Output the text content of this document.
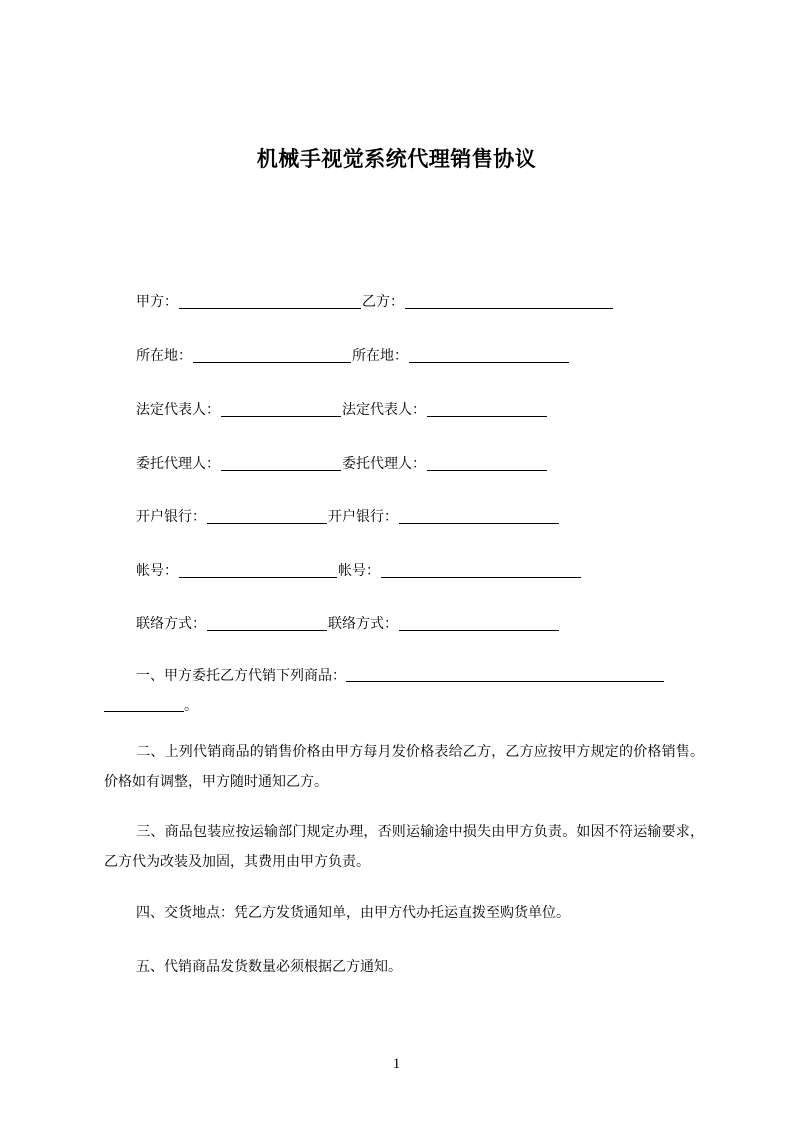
机械手视觉系统代理销售协议
甲方：	乙方：
所在地：	所在地：
法定代表人：	法定代表人：
委托代理人：	委托代理人：
开户银行：	开户银行：
帐号：	帐号：
联络方式：	联络方式：
一、甲方委托乙方代销下列商品：
。
二、上列代销商品的销售价格由甲方每月发价格表给乙方，乙方应按甲方规定的价格销售。价格如有调整，甲方随时通知乙方。
三、商品包装应按运输部门规定办理，否则运输途中损失由甲方负责。如因不符运输要求，乙方代为改装及加固，其费用由甲方负责。
四、交货地点：凭乙方发货通知单，由甲方代办托运直拨至购货单位。
五、代销商品发货数量必须根据乙方通知。
1
